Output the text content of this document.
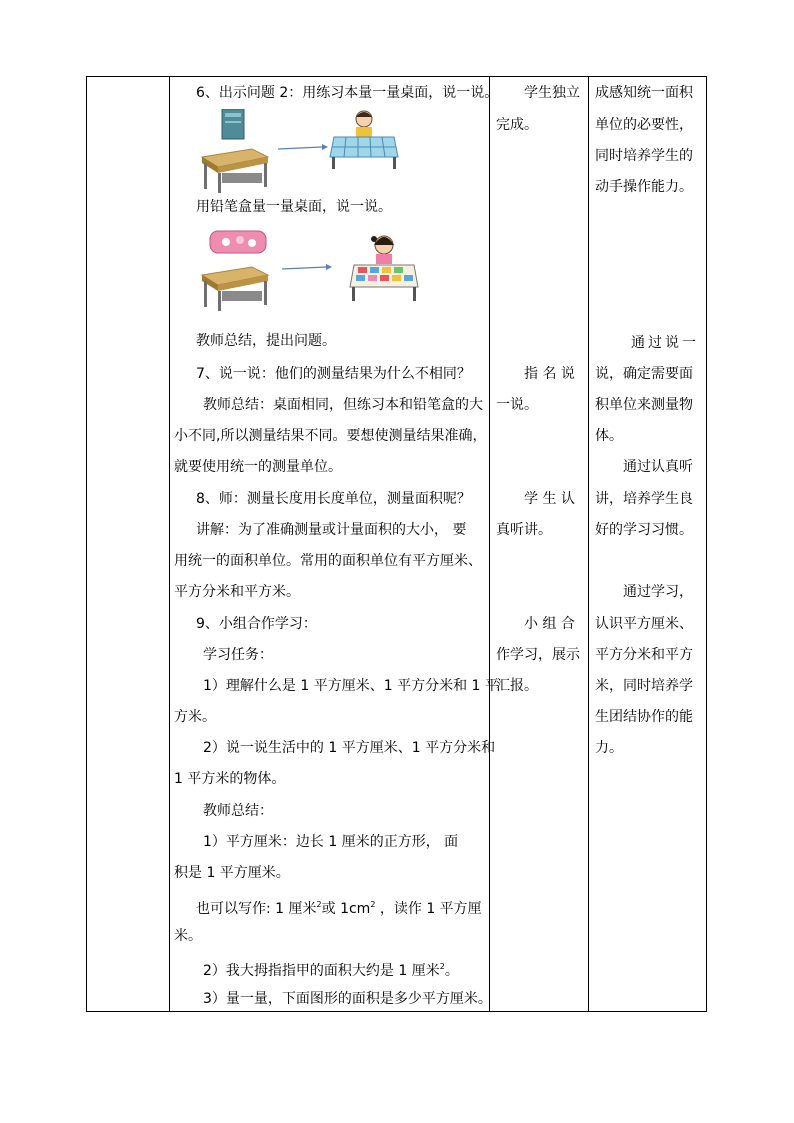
6、出示问题 2：用练习本量一量桌面，说一说。
用铅笔盒量一量桌面，说一说。
教师总结，提出问题。
7、说一说：他们的测量结果为什么不相同？
教师总结：桌面相同，但练习本和铅笔盒的大
小不同,所以测量结果不同。要想使测量结果准确，
就要使用统一的测量单位。
8、师：测量长度用长度单位，测量面积呢？
讲解：为了准确测量或计量面积的大小， 要
用统一的面积单位。常用的面积单位有平方厘米、
平方分米和平方米。
9、小组合作学习：
学习任务：
1）理解什么是 1 平方厘米、1 平方分米和 1 平
方米。
2）说一说生活中的 1 平方厘米、1 平方分米和
1 平方米的物体。
教师总结：
1）平方厘米：边长 1 厘米的正方形， 面
积是 1 平方厘米。
也可以写作: 1 厘米$^2$或 $1cm^2$ ，读作 1 平方厘
米。
2）我大拇指指甲的面积大约是 1 厘米$^2$。
3）量一量，下面图形的面积是多少平方厘米。
学生独立
完成。
指 名 说
一说。
学 生 认
真听讲。
小 组 合
作学习，展示
汇报。
成感知统一面积
单位的必要性，
同时培养学生的
动手操作能力。
通过说一
说，确定需要面
积单位来测量物
体。
通过认真听
讲，培养学生良
好的学习习惯。
通过学习，
认识平方厘米、
平方分米和平方
米，同时培养学
生团结协作的能
力。
